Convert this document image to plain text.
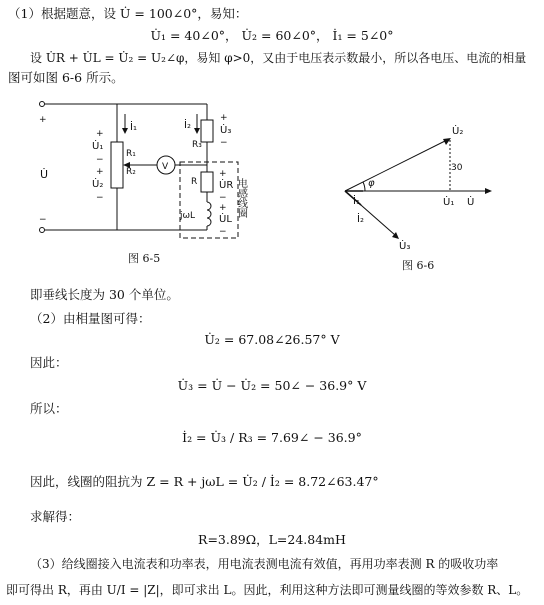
（1）根据题意，设 U̇ = 100∠0°，易知：
U̇₁ = 40∠0°， U̇₂ = 60∠0°， İ₁ = 5∠0°
设 U̇R + U̇L = U̇₂ = U₂∠φ，易知 φ>0，又由于电压表示数最小，所以各电压、电流的相量
图可如图 6-6 所示。
+
U̇
−
İ₁	İ₂
+
U̇₁
−
+
U̇₂
−
R₁
R₂	V
+
U̇₃
−
R₃
R
+
U̇R
−
jωL
+
U̇L
−
电感线圈
图 6-5
U̇₂
30
φ
İ₁
İ₂
U̇₃
U̇₁ U̇
图 6-6
即垂线长度为 30 个单位。
（2）由相量图可得：
U̇₂ = 67.08∠26.57° V
因此：
U̇₃ = U̇ − U̇₂ = 50∠ − 36.9° V
所以：
İ₂ = U̇₃ / R₃ = 7.69∠ − 36.9°
因此，线圈的阻抗为 Z = R + jωL = U̇₂ / İ₂ = 8.72∠63.47°
求解得：
R=3.89Ω，L=24.84mH
（3）给线圈接入电流表和功率表，用电流表测电流有效值，再用功率表测 R 的吸收功率
即可得出 R，再由 U/I = |Z|，即可求出 L。因此，利用这种方法即可测量线圈的等效参数 R、L。
